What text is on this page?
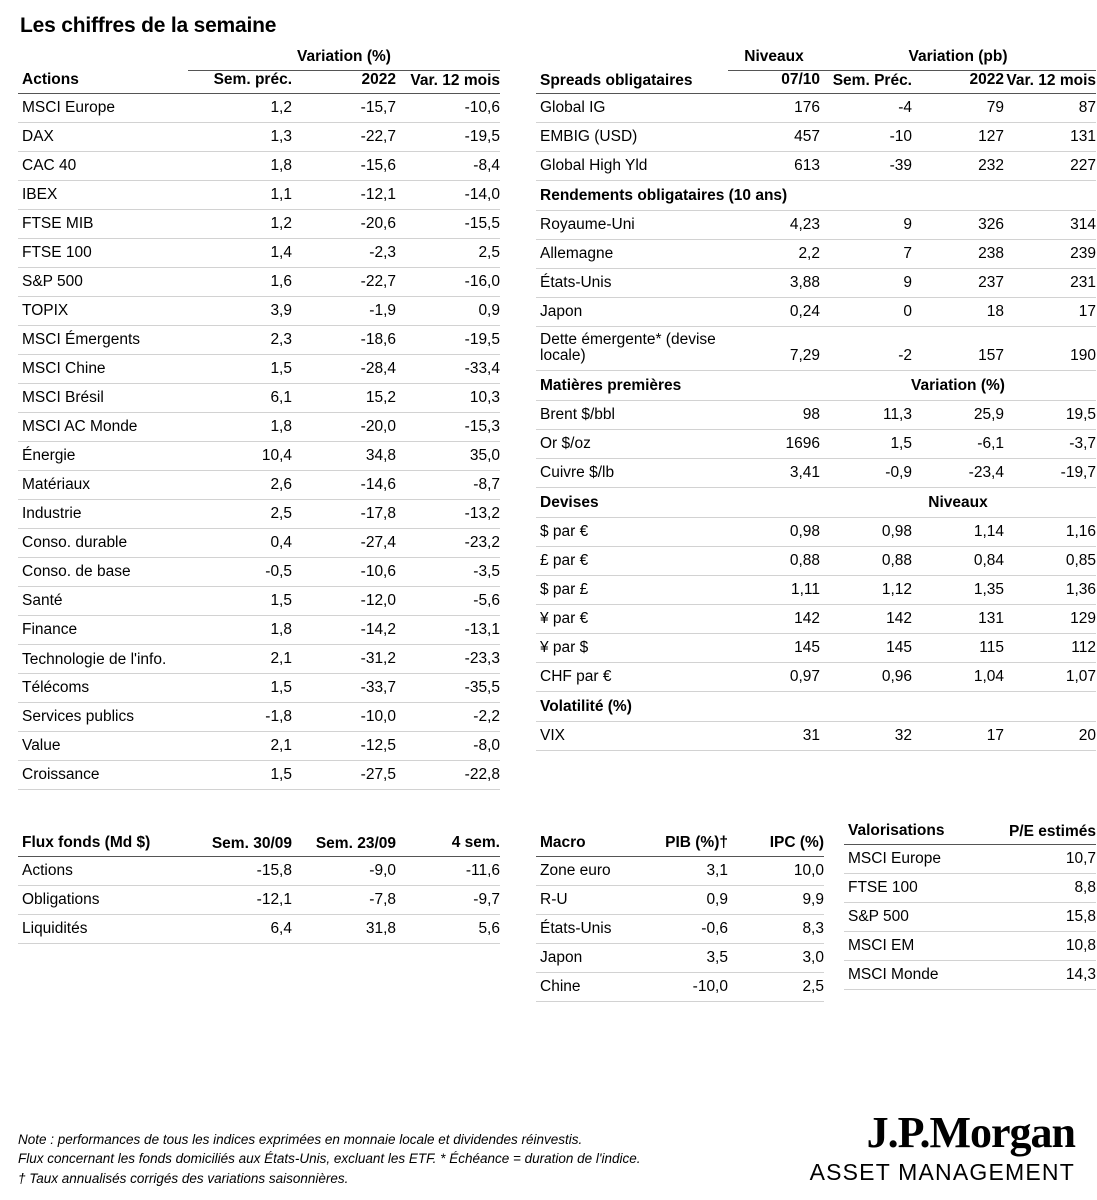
Les chiffres de la semaine
	Variation (%)		
Actions	Sem. préc.	2022	Var. 12 mois
MSCI Europe	1,2	-15,7	-10,6
DAX	1,3	-22,7	-19,5
CAC 40	1,8	-15,6	-8,4
IBEX	1,1	-12,1	-14,0
FTSE MIB	1,2	-20,6	-15,5
FTSE 100	1,4	-2,3	2,5
S&P 500	1,6	-22,7	-16,0
TOPIX	3,9	-1,9	0,9
MSCI Émergents	2,3	-18,6	-19,5
MSCI Chine	1,5	-28,4	-33,4
MSCI Brésil	6,1	15,2	10,3
MSCI AC Monde	1,8	-20,0	-15,3
Énergie	10,4	34,8	35,0
Matériaux	2,6	-14,6	-8,7
Industrie	2,5	-17,8	-13,2
Conso. durable	0,4	-27,4	-23,2
Conso. de base	-0,5	-10,6	-3,5
Santé	1,5	-12,0	-5,6
Finance	1,8	-14,2	-13,1
Technologie de l'info.	2,1	-31,2	-23,3
Télécoms	1,5	-33,7	-35,5
Services publics	-1,8	-10,0	-2,2
Value	2,1	-12,5	-8,0
Croissance	1,5	-27,5	-22,8
	Niveaux	Variation (pb)		
Spreads obligataires	07/10	Sem. Préc.	2022	Var. 12 mois
Global IG	176	-4	79	87
EMBIG (USD)	457	-10	127	131
Global High Yld	613	-39	232	227
Rendements obligataires (10 ans)				
Royaume-Uni	4,23	9	326	314
Allemagne	2,2	7	238	239
États-Unis	3,88	9	237	231
Japon	0,24	0	18	17
Dette émergente* (devise locale)	7,29	-2	157	190
Matières premières		Variation (%)		
Brent $/bbl	98	11,3	25,9	19,5
Or $/oz	1696	1,5	-6,1	-3,7
Cuivre $/lb	3,41	-0,9	-23,4	-19,7
Devises		Niveaux		
$ par €	0,98	0,98	1,14	1,16
£ par €	0,88	0,88	0,84	0,85
$ par £	1,11	1,12	1,35	1,36
¥ par €	142	142	131	129
¥ par $	145	145	115	112
CHF par €	0,97	0,96	1,04	1,07
Volatilité (%)				
VIX	31	32	17	20
Flux fonds (Md $)	Sem. 30/09	Sem. 23/09	4 sem.
Actions	-15,8	-9,0	-11,6
Obligations	-12,1	-7,8	-9,7
Liquidités	6,4	31,8	5,6
Macro	PIB (%)†	IPC (%)
Zone euro	3,1	10,0
R-U	0,9	9,9
États-Unis	-0,6	8,3
Japon	3,5	3,0
Chine	-10,0	2,5
Valorisations	P/E estimés
MSCI Europe	10,7
FTSE 100	8,8
S&P 500	15,8
MSCI EM	10,8
MSCI Monde	14,3

Note : performances de tous les indices exprimées en monnaie locale et dividendes réinvestis.

Flux concernant les fonds domiciliés aux États-Unis, excluant les ETF. * Échéance = duration de l'indice.

† Taux annualisés corrigés des variations saisonnières.

J.P.Morgan
ASSET MANAGEMENT
